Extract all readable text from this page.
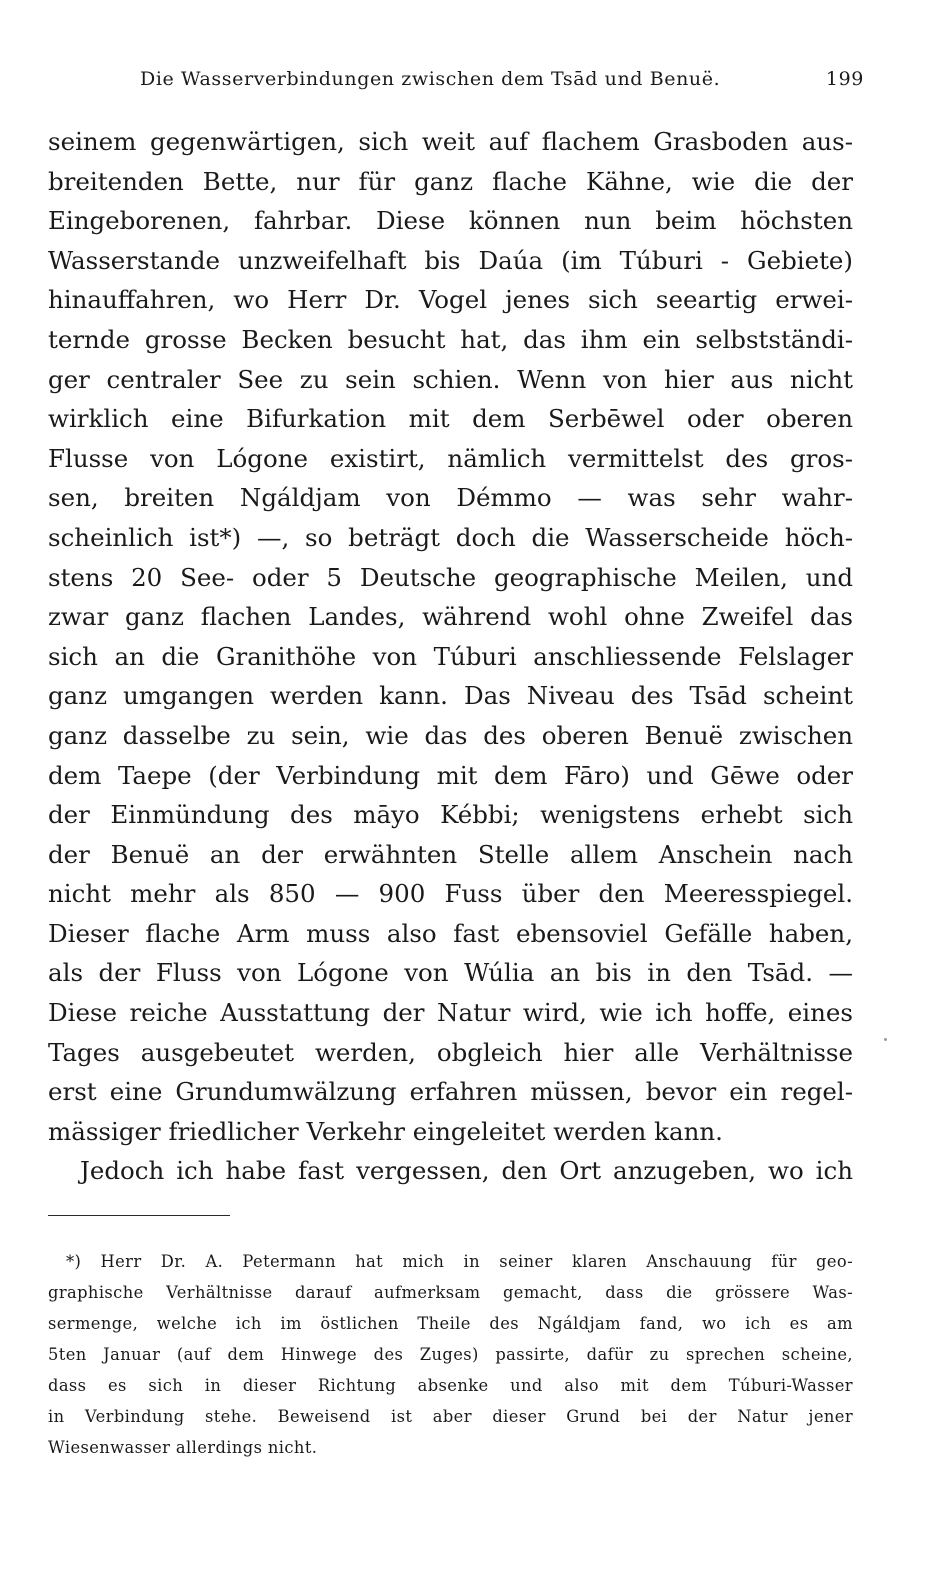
Die Wasserverbindungen zwischen dem Tsād und Benuë.	199
seinem gegenwärtigen, sich weit auf flachem Grasboden aus-
breitenden Bette, nur für ganz flache Kähne, wie die der
Eingeborenen, fahrbar. Diese können nun beim höchsten
Wasserstande unzweifelhaft bis Daúa (im Túburi - Gebiete)
hinauffahren, wo Herr Dr. Vogel jenes sich seeartig erwei-
ternde grosse Becken besucht hat, das ihm ein selbstständi-
ger centraler See zu sein schien. Wenn von hier aus nicht
wirklich eine Bifurkation mit dem Serbēwel oder oberen
Flusse von Lógone existirt, nämlich vermittelst des gros-
sen, breiten Ngáldjam von Démmo — was sehr wahr-
scheinlich ist*) —, so beträgt doch die Wasserscheide höch-
stens 20 See- oder 5 Deutsche geographische Meilen, und
zwar ganz flachen Landes, während wohl ohne Zweifel das
sich an die Granithöhe von Túburi anschliessende Felslager
ganz umgangen werden kann. Das Niveau des Tsād scheint
ganz dasselbe zu sein, wie das des oberen Benuë zwischen
dem Taepe (der Verbindung mit dem Fāro) und Gēwe oder
der Einmündung des māyo Kébbi; wenigstens erhebt sich
der Benuë an der erwähnten Stelle allem Anschein nach
nicht mehr als 850 — 900 Fuss über den Meeresspiegel.
Dieser flache Arm muss also fast ebensoviel Gefälle haben,
als der Fluss von Lógone von Wúlia an bis in den Tsād. —
Diese reiche Ausstattung der Natur wird, wie ich hoffe, eines
Tages ausgebeutet werden, obgleich hier alle Verhältnisse
erst eine Grundumwälzung erfahren müssen, bevor ein regel-
mässiger friedlicher Verkehr eingeleitet werden kann.
Jedoch ich habe fast vergessen, den Ort anzugeben, wo ich
*) Herr Dr. A. Petermann hat mich in seiner klaren Anschauung für geo-
graphische Verhältnisse darauf aufmerksam gemacht, dass die grössere Was-
sermenge, welche ich im östlichen Theile des Ngáldjam fand, wo ich es am
5ten Januar (auf dem Hinwege des Zuges) passirte, dafür zu sprechen scheine,
dass es sich in dieser Richtung absenke und also mit dem Túburi-Wasser
in Verbindung stehe. Beweisend ist aber dieser Grund bei der Natur jener
Wiesenwasser allerdings nicht.
